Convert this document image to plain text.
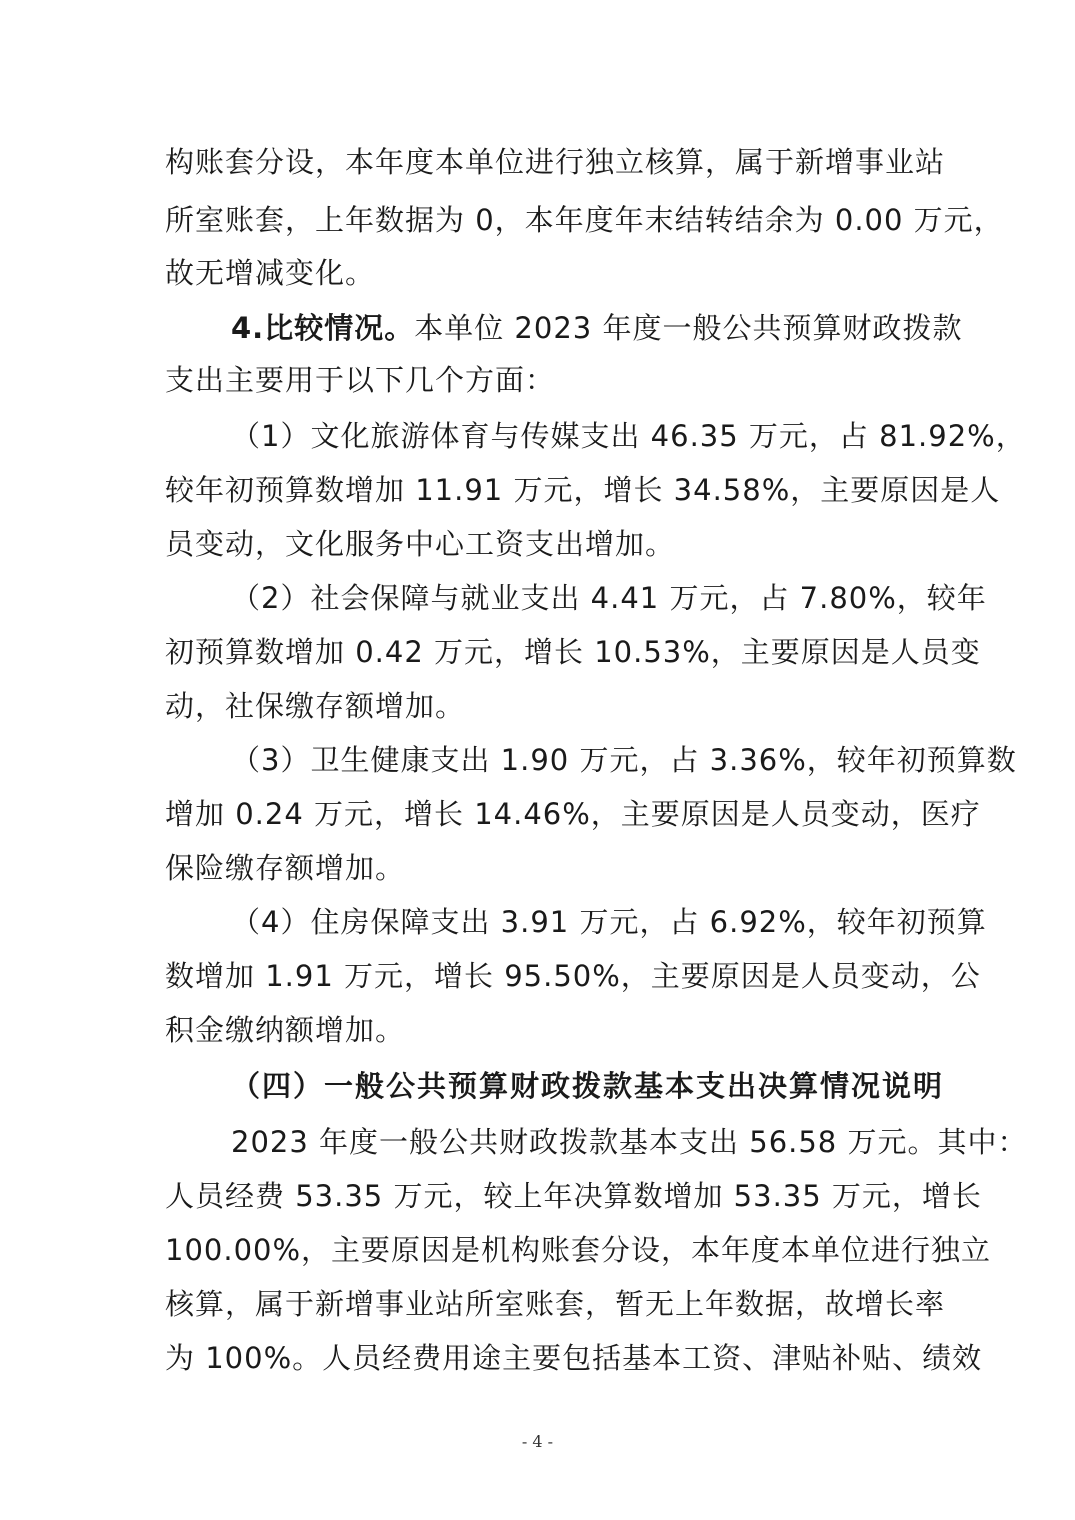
构账套分设，本年度本单位进行独立核算，属于新增事业站
所室账套，上年数据为 0，本年度年末结转结余为 0.00 万元，
故无增减变化。
4.比较情况。本单位 2023 年度一般公共预算财政拨款
支出主要用于以下几个方面：
（1）文化旅游体育与传媒支出 46.35 万元，占 81.92%，
较年初预算数增加 11.91 万元，增长 34.58%，主要原因是人
员变动，文化服务中心工资支出增加。
（2）社会保障与就业支出 4.41 万元，占 7.80%，较年
初预算数增加 0.42 万元，增长 10.53%，主要原因是人员变
动，社保缴存额增加。
（3）卫生健康支出 1.90 万元，占 3.36%，较年初预算数
增加 0.24 万元，增长 14.46%，主要原因是人员变动，医疗
保险缴存额增加。
（4）住房保障支出 3.91 万元，占 6.92%，较年初预算
数增加 1.91 万元，增长 95.50%，主要原因是人员变动，公
积金缴纳额增加。
（四）一般公共预算财政拨款基本支出决算情况说明
2023 年度一般公共财政拨款基本支出 56.58 万元。其中：
人员经费 53.35 万元，较上年决算数增加 53.35 万元，增长
100.00%，主要原因是机构账套分设，本年度本单位进行独立
核算，属于新增事业站所室账套，暂无上年数据，故增长率
为 100%。人员经费用途主要包括基本工资、津贴补贴、绩效
- 4 -
